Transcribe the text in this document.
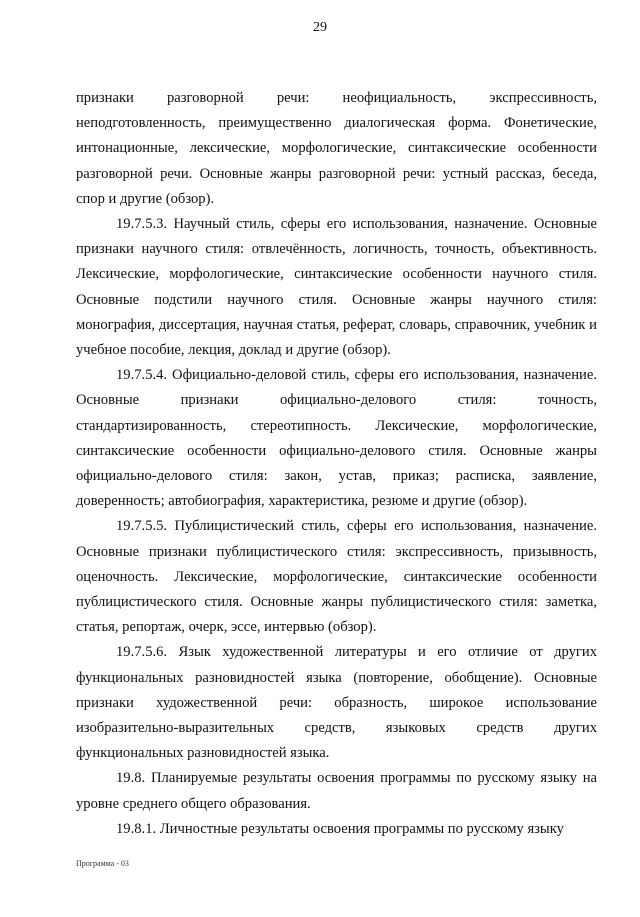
29

признаки разговорной речи: неофициальность, экспрессивность, неподготовленность, преимущественно диалогическая форма. Фонетические, интонационные, лексические, морфологические, синтаксические особенности разговорной речи. Основные жанры разговорной речи: устный рассказ, беседа, спор и другие (обзор).

19.7.5.3. Научный стиль, сферы его использования, назначение. Основные признаки научного стиля: отвлечённость, логичность, точность, объективность. Лексические, морфологические, синтаксические особенности научного стиля. Основные подстили научного стиля. Основные жанры научного стиля: монография, диссертация, научная статья, реферат, словарь, справочник, учебник и учебное пособие, лекция, доклад и другие (обзор).

19.7.5.4. Официально-деловой стиль, сферы его использования, назначение. Основные признаки официально-делового стиля: точность, стандартизированность, стереотипность. Лексические, морфологические, синтаксические особенности официально-делового стиля. Основные жанры официально-делового стиля: закон, устав, приказ; расписка, заявление, доверенность; автобиография, характеристика, резюме и другие (обзор).

19.7.5.5. Публицистический стиль, сферы его использования, назначение. Основные признаки публицистического стиля: экспрессивность, призывность, оценочность. Лексические, морфологические, синтаксические особенности публицистического стиля. Основные жанры публицистического стиля: заметка, статья, репортаж, очерк, эссе, интервью (обзор).

19.7.5.6. Язык художественной литературы и его отличие от других функциональных разновидностей языка (повторение, обобщение). Основные признаки художественной речи: образность, широкое использование изобразительно-выразительных средств, языковых средств других функциональных разновидностей языка.

19.8. Планируемые результаты освоения программы по русскому языку на уровне среднего общего образования.

19.8.1. Личностные результаты освоения программы по русскому языку

Программа - 03
